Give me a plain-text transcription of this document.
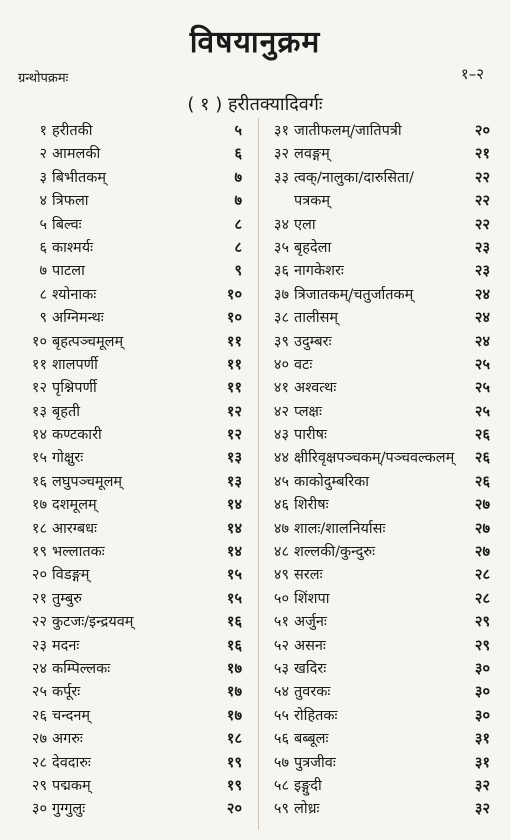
विषयानुक्रम
ग्रन्थोपक्रमः	१–२
( १ ) हरीतक्यादिवर्गः
१ हरीतकी	५
२ आमलकी	६
३ बिभीतकम्	७
४ त्रिफला	७
५ बिल्वः	८
६ काश्मर्यः	८
७ पाटला	९
८ श्योनाकः	१०
९ अग्निमन्थः	१०
१० बृहत्पञ्चमूलम्	११
११ शालपर्णी	११
१२ पृश्निपर्णी	११
१३ बृहती	१२
१४ कण्टकारी	१२
१५ गोक्षुरः	१३
१६ लघुपञ्चमूलम्	१३
१७ दशमूलम्	१४
१८ आरग्बधः	१४
१९ भल्लातकः	१४
२० विडङ्गम्	१५
२१ तुम्बुरु	१५
२२ कुटजः/इन्द्रयवम्	१६
२३ मदनः	१६
२४ कम्पिल्लकः	१७
२५ कर्पूरः	१७
२६ चन्दनम्	१७
२७ अगरुः	१८
२८ देवदारुः	१९
२९ पद्मकम्	१९
३० गुग्गुलुः	२०
३१ जातीफलम्/जातिपत्री	२०
३२ लवङ्गम्	२१
३३ त्वक्/नालुका/दारुसिता/	२२
पत्रकम्	२२
३४ एला	२२
३५ बृहदेला	२३
३६ नागकेशरः	२३
३७ त्रिजातकम्/चतुर्जातकम्	२४
३८ तालीसम्	२४
३९ उदुम्बरः	२४
४० वटः	२५
४१ अश्वत्थः	२५
४२ प्लक्षः	२५
४३ पारीषः	२६
४४ क्षीरिवृक्षपञ्चकम्/पञ्चवल्कलम् २६
४५ काकोदुम्बरिका	२६
४६ शिरीषः	२७
४७ शालः/शालनिर्यासः	२७
४८ शल्लकी/कुन्दुरुः	२७
४९ सरलः	२८
५० शिंशपा	२८
५१ अर्जुनः	२९
५२ असनः	२९
५३ खदिरः	३०
५४ तुवरकः	३०
५५ रोहितकः	३०
५६ बब्बूलः	३१
५७ पुत्रजीवः	३१
५८ इङ्गुदी	३२
५९ लोध्रः	३२
